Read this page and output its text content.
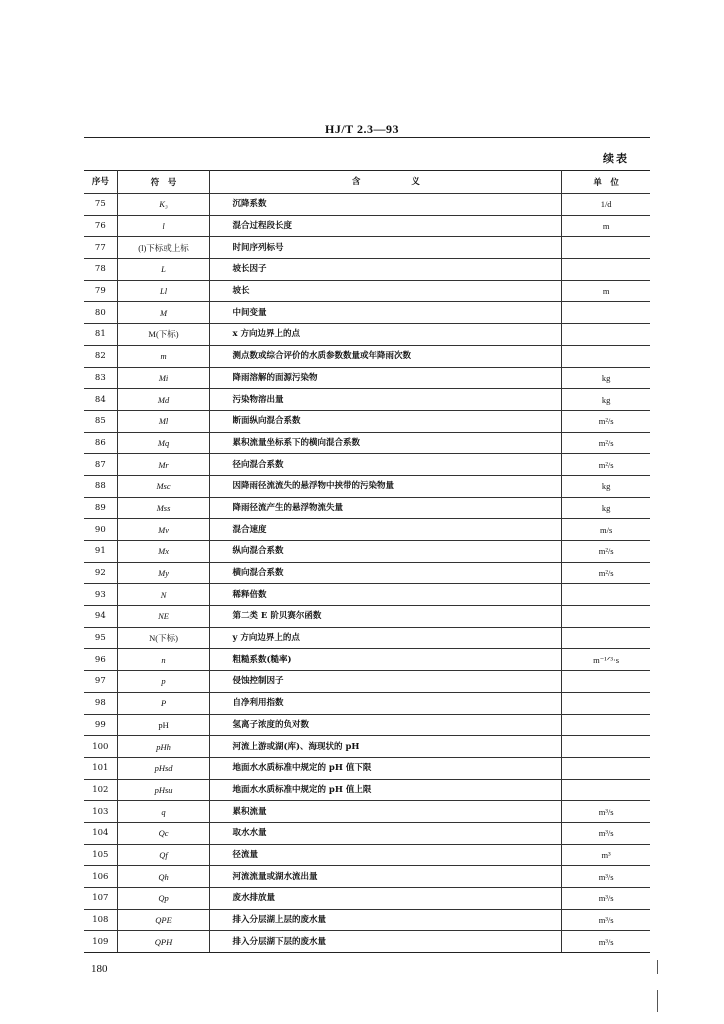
HJ/T 2.3—93
续表
序号	符　号	含　　　　　　义	单　位
75	K₃	沉降系数	1/d
76	l	混合过程段长度	m
77	(l)下标或上标	时间序列标号	
78	L	坡长因子	
79	Ll	坡长	m
80	M	中间变量	
81	M(下标)	x 方向边界上的点	
82	m	测点数或综合评价的水质参数数量或年降雨次数	
83	Mi	降雨溶解的面源污染物	kg
84	Md	污染物溶出量	kg
85	Ml	断面纵向混合系数	m²/s
86	Mq	累积流量坐标系下的横向混合系数	m²/s
87	Mr	径向混合系数	m²/s
88	Msc	因降雨径流流失的悬浮物中挟带的污染物量	kg
89	Mss	降雨径流产生的悬浮物流失量	kg
90	Mv	混合速度	m/s
91	Mx	纵向混合系数	m²/s
92	My	横向混合系数	m²/s
93	N	稀释倍数	
94	NE	第二类 E 阶贝赛尔函数	
95	N(下标)	y 方向边界上的点	
96	n	粗糙系数(糙率)	m⁻¹ᐟ³·s
97	p	侵蚀控制因子	
98	P	自净利用指数	
99	pH	氢离子浓度的负对数	
100	pHh	河流上游或湖(库)、海现状的 pH	
101	pHsd	地面水水质标准中规定的 pH 值下限	
102	pHsu	地面水水质标准中规定的 pH 值上限	
103	q	累积流量	m³/s
104	Qc	取水水量	m³/s
105	Qf	径流量	m³
106	Qh	河流流量或湖水流出量	m³/s
107	Qp	废水排放量	m³/s
108	QPE	排入分层湖上层的废水量	m³/s
109	QPH	排入分层湖下层的废水量	m³/s
180
